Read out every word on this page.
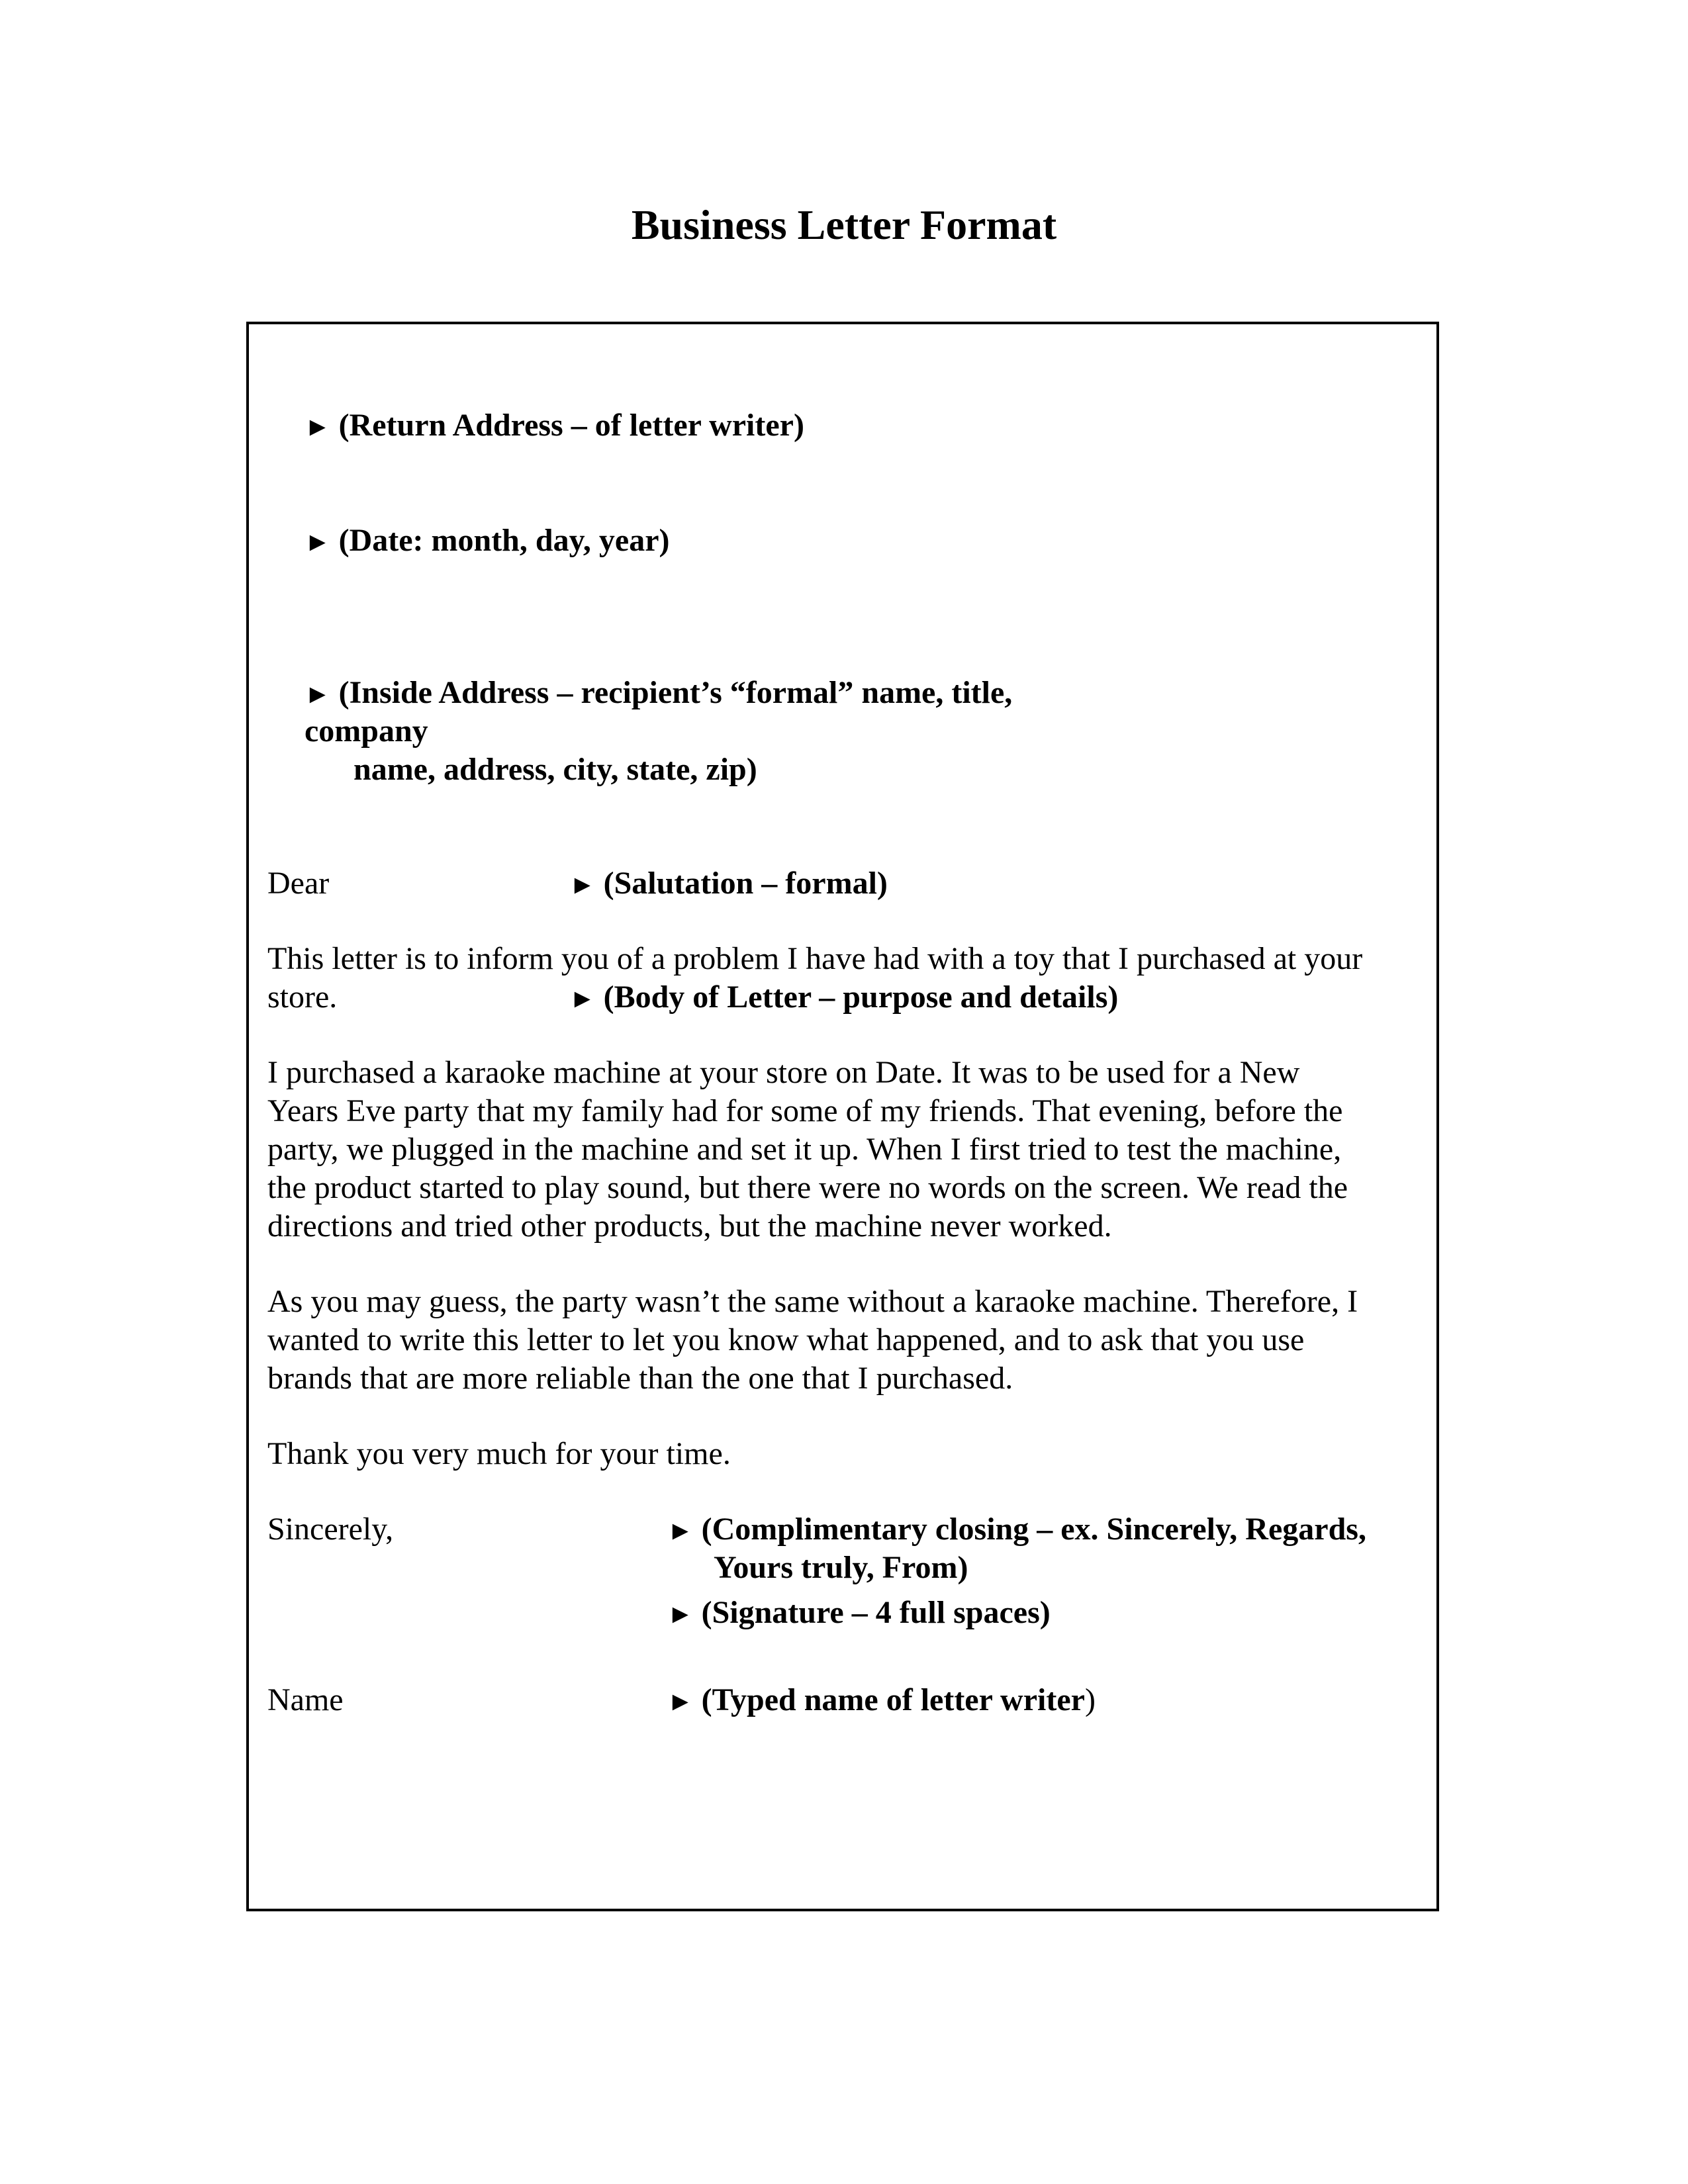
Business Letter Format
► (Return Address – of letter writer)
► (Date: month, day, year)
► (Inside Address – recipient’s “formal” name, title,
company
name, address, city, state, zip)
Dear	► (Salutation – formal)
This letter is to inform you of a problem I have had with a toy that I purchased at your
store.	► (Body of Letter – purpose and details)
I purchased a karaoke machine at your store on Date. It was to be used for a New
Years Eve party that my family had for some of my friends. That evening, before the
party, we plugged in the machine and set it up. When I first tried to test the machine,
the product started to play sound, but there were no words on the screen. We read the
directions and tried other products, but the machine never worked.
As you may guess, the party wasn’t the same without a karaoke machine. Therefore, I
wanted to write this letter to let you know what happened, and to ask that you use
brands that are more reliable than the one that I purchased.
Thank you very much for your time.
Sincerely,	► (Complimentary closing – ex. Sincerely, Regards,
Yours truly, From)
► (Signature – 4 full spaces)
Name	► (Typed name of letter writer)
